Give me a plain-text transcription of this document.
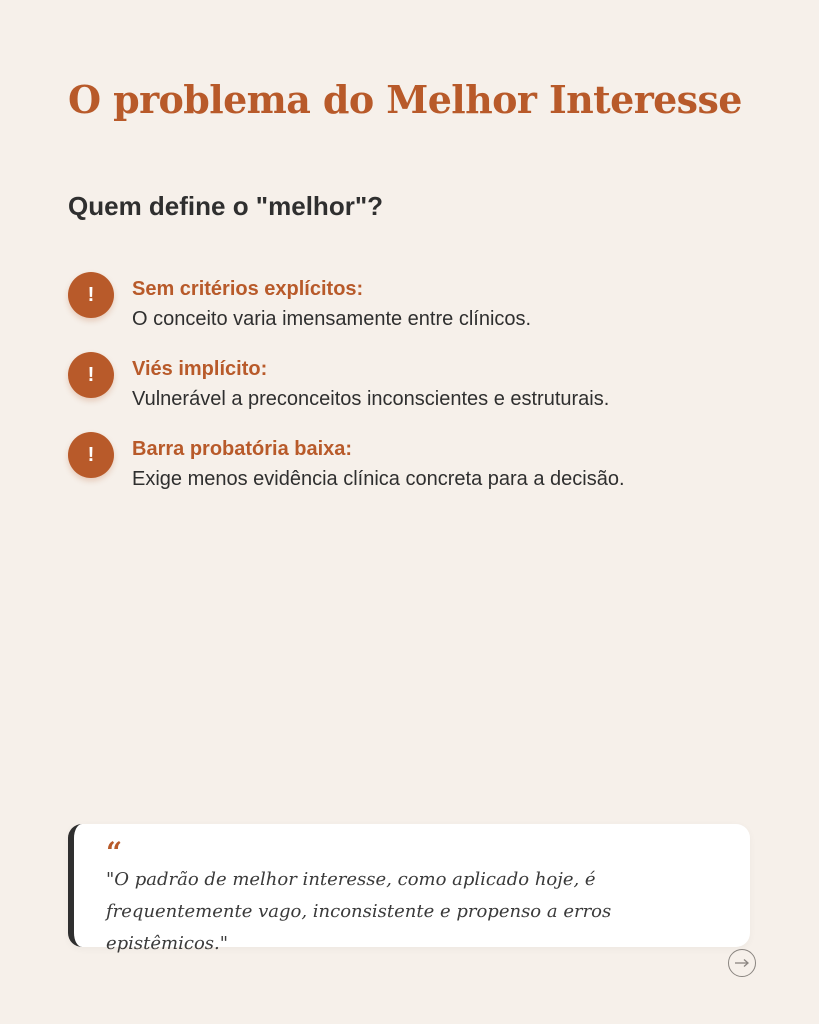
O problema do Melhor Interesse
Quem define o "melhor"?
!	Sem critérios explícitos:
O conceito varia imensamente entre clínicos.
!	Viés implícito:
Vulnerável a preconceitos inconscientes e estruturais.
!	Barra probatória baixa:
Exige menos evidência clínica concreta para a decisão.
“

"O padrão de melhor interesse, como aplicado hoje, é frequentemente vago, inconsistente e propenso a erros epistêmicos."
